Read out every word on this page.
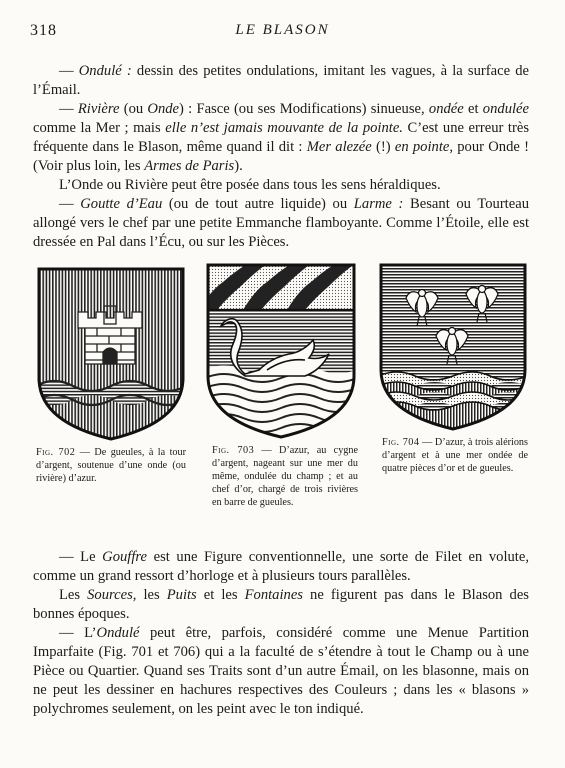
318	LE BLASON

— Ondulé : dessin des petites ondulations, imitant les vagues, à la surface de l’Émail.

— Rivière (ou Onde) : Fasce (ou ses Modifications) sinueuse, ondée et ondulée comme la Mer ; mais elle n’est jamais mouvante de la pointe. C’est une erreur très fréquente dans le Blason, même quand il dit : Mer alezée (!) en pointe, pour Onde ! (Voir plus loin, les Armes de Paris).

L’Onde ou Rivière peut être posée dans tous les sens héraldiques.

— Goutte d’Eau (ou de tout autre liquide) ou Larme : Besant ou Tourteau allongé vers le chef par une petite Emmanche flamboyante. Comme l’Étoile, elle est dressée en Pal dans l’Écu, ou sur les Pièces.

Fig. 702 — De gueules, à la tour d’argent, soutenue d’une onde (ou rivière) d’azur.

Fig. 703 — D’azur, au cygne d’argent, nageant sur une mer du même, ondulée du champ ; et au chef d’or, chargé de trois rivières en barre de gueules.

Fig. 704 — D’azur, à trois alérions d’argent et à une mer ondée de quatre pièces d’or et de gueules.

— Le Gouffre est une Figure conventionnelle, une sorte de Filet en volute, comme un grand ressort d’horloge et à plusieurs tours parallèles.

Les Sources, les Puits et les Fontaines ne figurent pas dans le Blason des bonnes époques.

— L’Ondulé peut être, parfois, considéré comme une Menue Partition Imparfaite (Fig. 701 et 706) qui a la faculté de s’étendre à tout le Champ ou à une Pièce ou Quartier. Quand ses Traits sont d’un autre Émail, on les blasonne, mais on ne peut les dessiner en hachures respectives des Couleurs ; dans les « blasons » polychromes seulement, on les peint avec le ton indiqué.
